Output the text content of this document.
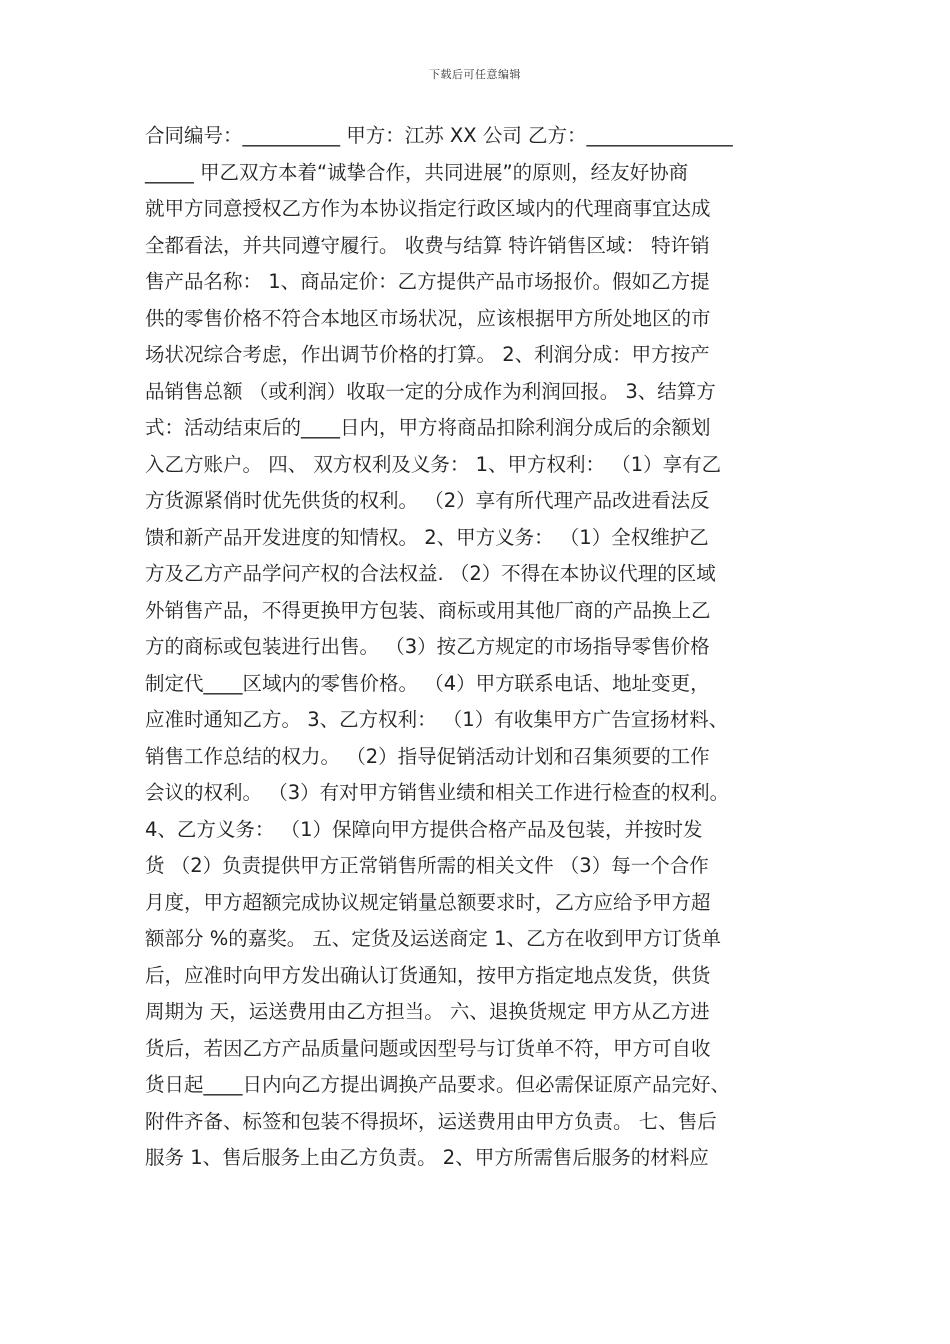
下载后可任意编辑
合同编号：__________ 甲方：江苏 XX 公司 乙方：_______________
_____ 甲乙双方本着“诚挚合作，共同进展”的原则，经友好协商
就甲方同意授权乙方作为本协议指定行政区域内的代理商事宜达成
全都看法，并共同遵守履行。 收费与结算 特许销售区域： 特许销
售产品名称： 1、商品定价：乙方提供产品市场报价。假如乙方提
供的零售价格不符合本地区市场状况，应该根据甲方所处地区的市
场状况综合考虑，作出调节价格的打算。 2、利润分成：甲方按产
品销售总额 （或利润）收取一定的分成作为利润回报。 3、结算方
式：活动结束后的____日内，甲方将商品扣除利润分成后的余额划
入乙方账户。 四、 双方权利及义务： 1、甲方权利： （1）享有乙
方货源紧俏时优先供货的权利。 （2）享有所代理产品改进看法反
馈和新产品开发进度的知情权。 2、甲方义务： （1）全权维护乙
方及乙方产品学问产权的合法权益. （2）不得在本协议代理的区域
外销售产品，不得更换甲方包装、商标或用其他厂商的产品换上乙
方的商标或包装进行出售。 （3）按乙方规定的市场指导零售价格
制定代____区域内的零售价格。 （4）甲方联系电话、地址变更，
应准时通知乙方。 3、乙方权利： （1）有收集甲方广告宣扬材料、
销售工作总结的权力。 （2）指导促销活动计划和召集须要的工作
会议的权利。 （3）有对甲方销售业绩和相关工作进行检查的权利。
4、乙方义务： （1）保障向甲方提供合格产品及包装，并按时发
货 （2）负责提供甲方正常销售所需的相关文件 （3）每一个合作
月度，甲方超额完成协议规定销量总额要求时，乙方应给予甲方超
额部分 %的嘉奖。 五、定货及运送商定 1、乙方在收到甲方订货单
后，应准时向甲方发出确认订货通知，按甲方指定地点发货，供货
周期为 天，运送费用由乙方担当。 六、退换货规定 甲方从乙方进
货后，若因乙方产品质量问题或因型号与订货单不符，甲方可自收
货日起____日内向乙方提出调换产品要求。但必需保证原产品完好、
附件齐备、标签和包装不得损坏，运送费用由甲方负责。 七、售后
服务 1、售后服务上由乙方负责。 2、甲方所需售后服务的材料应
